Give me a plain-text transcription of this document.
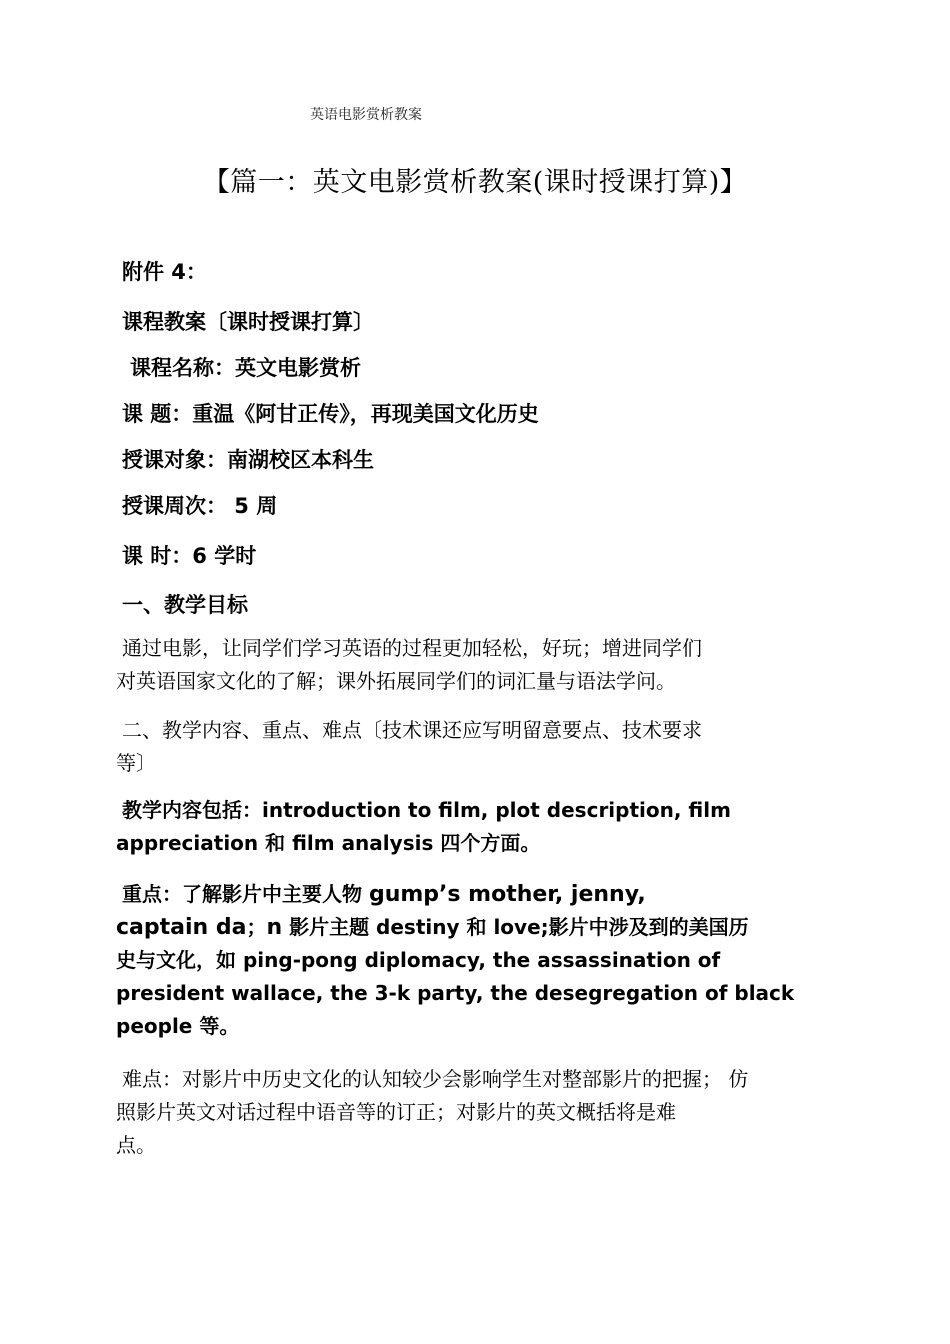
英语电影赏析教案
【篇一：英文电影赏析教案(课时授课打算)】
附件 4：
课程教案〔课时授课打算〕
课程名称：英文电影赏析
课 题：重温《阿甘正传》，再现美国文化历史
授课对象：南湖校区本科生
授课周次： 5 周
课 时：6 学时
一、教学目标
通过电影，让同学们学习英语的过程更加轻松，好玩；增进同学们
对英语国家文化的了解；课外拓展同学们的词汇量与语法学问。
二、教学内容、重点、难点〔技术课还应写明留意要点、技术要求
等〕
教学内容包括：introduction to film, plot description, film
appreciation 和 film analysis 四个方面。
重点：了解影片中主要人物 gump’s mother, jenny,
captain da；n 影片主题 destiny 和 love;影片中涉及到的美国历
史与文化，如 ping-pong diplomacy, the assassination of
president wallace, the 3-k party, the desegregation of black
people 等。
难点：对影片中历史文化的认知较少会影响学生对整部影片的把握； 仿
照影片英文对话过程中语音等的订正；对影片的英文概括将是难
点。
